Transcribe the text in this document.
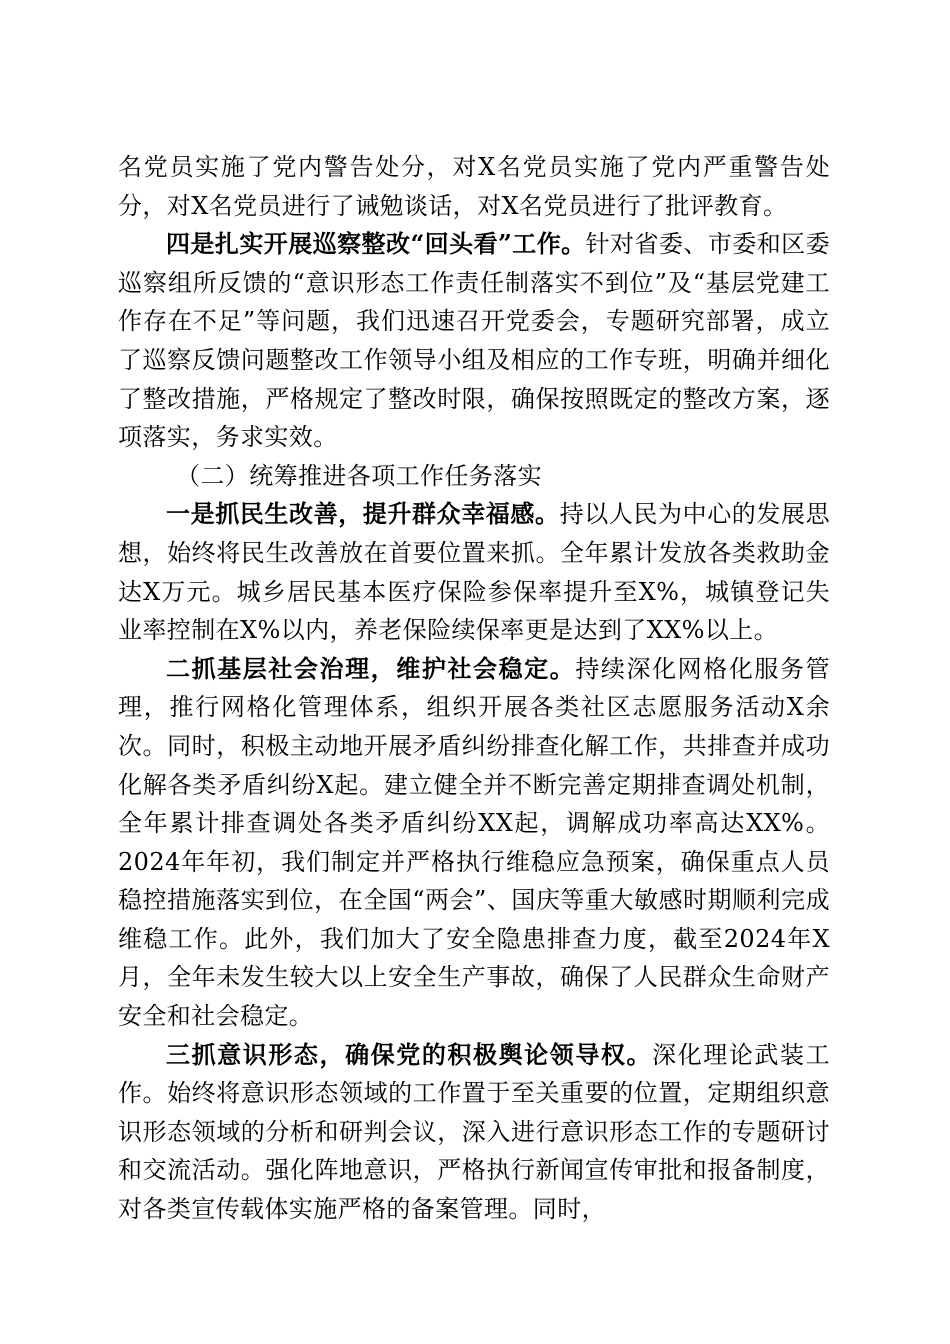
名党员实施了党内警告处分，对X名党员实施了党内严重警告处分，对X名党员进行了诫勉谈话，对X名党员进行了批评教育。

四是扎实开展巡察整改“回头看”工作。针对省委、市委和区委巡察组所反馈的“意识形态工作责任制落实不到位”及“基层党建工作存在不足”等问题，我们迅速召开党委会，专题研究部署，成立了巡察反馈问题整改工作领导小组及相应的工作专班，明确并细化了整改措施，严格规定了整改时限，确保按照既定的整改方案，逐项落实，务求实效。

（二）统筹推进各项工作任务落实

一是抓民生改善，提升群众幸福感。持以人民为中心的发展思想，始终将民生改善放在首要位置来抓。全年累计发放各类救助金达X万元。城乡居民基本医疗保险参保率提升至X%，城镇登记失业率控制在X%以内，养老保险续保率更是达到了XX%以上。

二抓基层社会治理，维护社会稳定。持续深化网格化服务管理，推行网格化管理体系，组织开展各类社区志愿服务活动X余次。同时，积极主动地开展矛盾纠纷排查化解工作，共排查并成功化解各类矛盾纠纷X起。建立健全并不断完善定期排查调处机制，全年累计排查调处各类矛盾纠纷XX起，调解成功率高达XX%。2024年年初，我们制定并严格执行维稳应急预案，确保重点人员稳控措施落实到位，在全国“两会”、国庆等重大敏感时期顺利完成维稳工作。此外，我们加大了安全隐患排查力度，截至2024年X月，全年未发生较大以上安全生产事故，确保了人民群众生命财产安全和社会稳定。

三抓意识形态，确保党的积极舆论领导权。深化理论武装工作。始终将意识形态领域的工作置于至关重要的位置，定期组织意识形态领域的分析和研判会议，深入进行意识形态工作的专题研讨和交流活动。强化阵地意识，严格执行新闻宣传审批和报备制度，对各类宣传载体实施严格的备案管理。同时，
